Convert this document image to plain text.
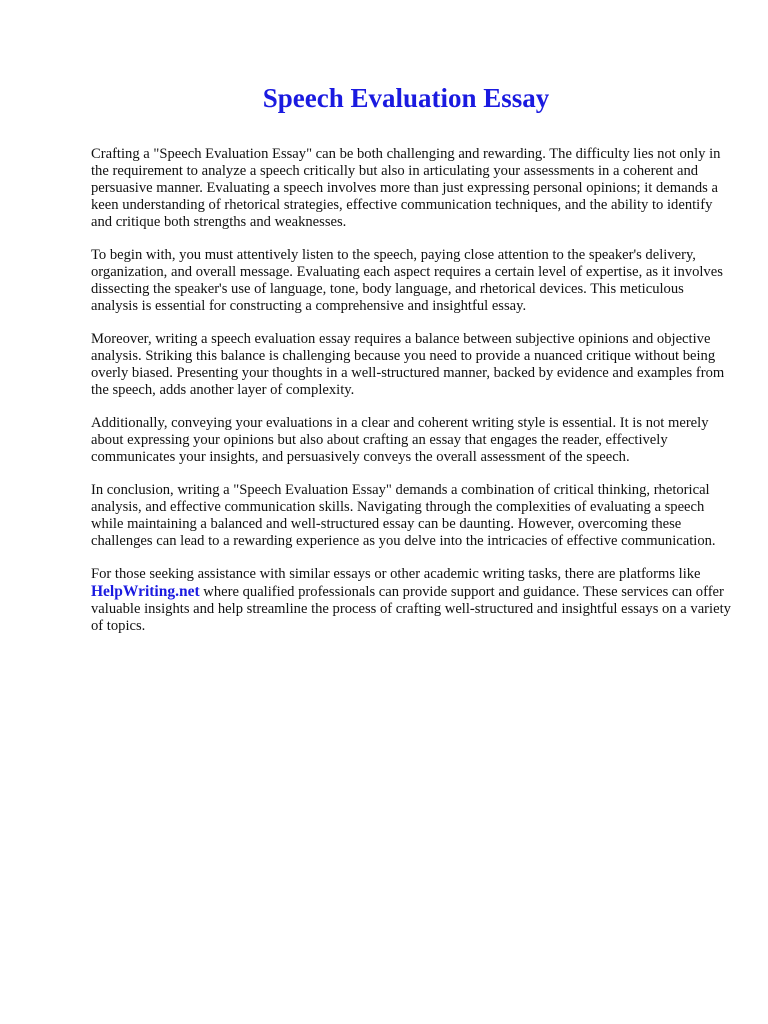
Speech Evaluation Essay

Crafting a "Speech Evaluation Essay" can be both challenging and rewarding. The difficulty lies not only in the requirement to analyze a speech critically but also in articulating your assessments in a coherent and persuasive manner. Evaluating a speech involves more than just expressing personal opinions; it demands a keen understanding of rhetorical strategies, effective communication techniques, and the ability to identify and critique both strengths and weaknesses.

To begin with, you must attentively listen to the speech, paying close attention to the speaker's delivery, organization, and overall message. Evaluating each aspect requires a certain level of expertise, as it involves dissecting the speaker's use of language, tone, body language, and rhetorical devices. This meticulous analysis is essential for constructing a comprehensive and insightful essay.

Moreover, writing a speech evaluation essay requires a balance between subjective opinions and objective analysis. Striking this balance is challenging because you need to provide a nuanced critique without being overly biased. Presenting your thoughts in a well-structured manner, backed by evidence and examples from the speech, adds another layer of complexity.

Additionally, conveying your evaluations in a clear and coherent writing style is essential. It is not merely about expressing your opinions but also about crafting an essay that engages the reader, effectively communicates your insights, and persuasively conveys the overall assessment of the speech.

In conclusion, writing a "Speech Evaluation Essay" demands a combination of critical thinking, rhetorical analysis, and effective communication skills. Navigating through the complexities of evaluating a speech while maintaining a balanced and well-structured essay can be daunting. However, overcoming these challenges can lead to a rewarding experience as you delve into the intricacies of effective communication.

For those seeking assistance with similar essays or other academic writing tasks, there are platforms like HelpWriting.net where qualified professionals can provide support and guidance. These services can offer valuable insights and help streamline the process of crafting well-structured and insightful essays on a variety of topics.
